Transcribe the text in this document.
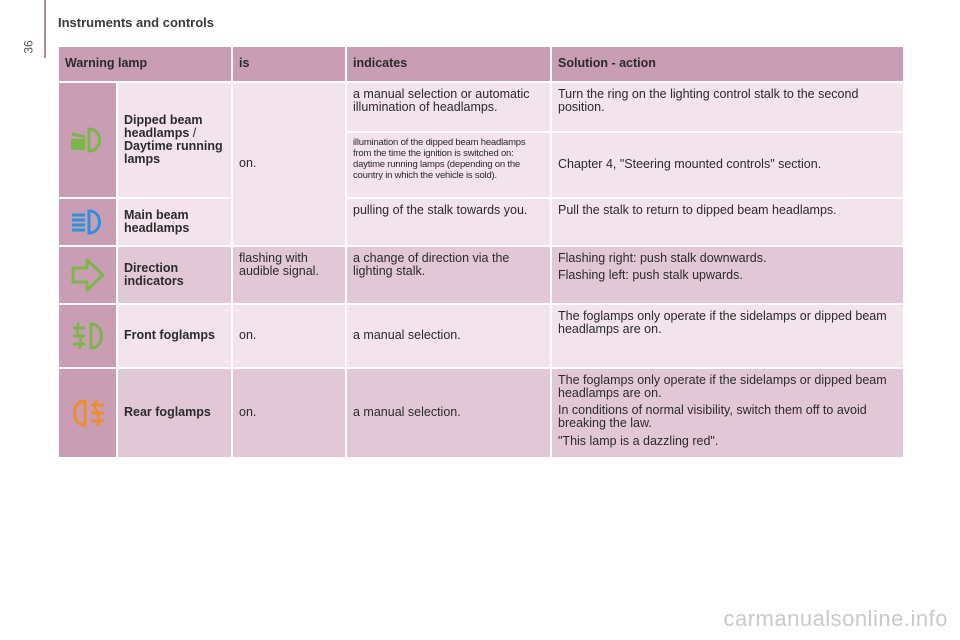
36
Instruments and controls
Warning lamp		is	indicates	Solution - action

	Dipped beam headlamps / Daytime running lamps	on.	a manual selection or automatic illumination of headlamps.	Turn the ring on the lighting control stalk to the second position.
			illumination of the dipped beam headlamps from the time the ignition is switched on: daytime running lamps (depending on the country in which the vehicle is sold).	Chapter 4, "Steering mounted controls" section.

	Main beam headlamps		pulling of the stalk towards you.	Pull the stalk to return to dipped beam headlamps.

	Direction indicators	flashing with audible signal.	a change of direction via the lighting stalk.	Flashing right: push stalk downwards.
Flashing left: push stalk upwards.

	Front foglamps	on.	a manual selection.	The foglamps only operate if the sidelamps or dipped beam headlamps are on.

	Rear foglamps	on.	a manual selection.	The foglamps only operate if the sidelamps or dipped beam headlamps are on.
In conditions of normal visibility, switch them off to avoid breaking the law.
"This lamp is a dazzling red".
carmanualsonline.info
